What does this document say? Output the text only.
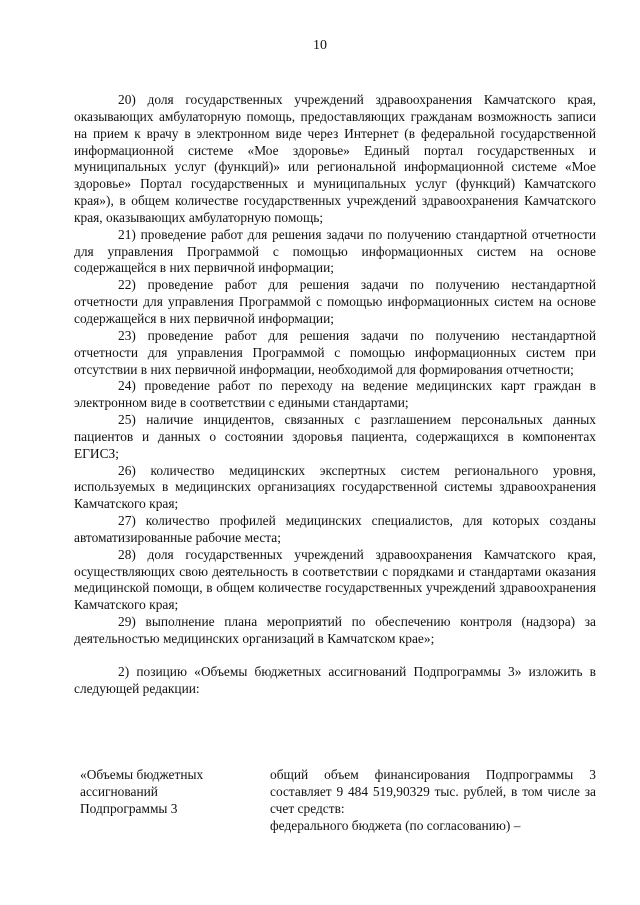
10

20) доля государственных учреждений здравоохранения Камчатского края, оказывающих амбулаторную помощь, предоставляющих гражданам возможность записи на прием к врачу в электронном виде через Интернет (в федеральной государственной информационной системе «Мое здоровье» Единый портал государственных и муниципальных услуг (функций)» или региональной информационной системе «Мое здоровье» Портал государственных и муниципальных услуг (функций) Камчатского края»), в общем количестве государственных учреждений здравоохранения Камчатского края, оказывающих амбулаторную помощь;

21) проведение работ для решения задачи по получению стандартной отчетности для управления Программой с помощью информационных систем на основе содержащейся в них первичной информации;

22) проведение работ для решения задачи по получению нестандартной отчетности для управления Программой с помощью информационных систем на основе содержащейся в них первичной информации;

23) проведение работ для решения задачи по получению нестандартной отчетности для управления Программой с помощью информационных систем при отсутствии в них первичной информации, необходимой для формирования отчетности;

24) проведение работ по переходу на ведение медицинских карт граждан в электронном виде в соответствии с едиными стандартами;

25) наличие инцидентов, связанных с разглашением персональных данных пациентов и данных о состоянии здоровья пациента, содержащихся в компонентах ЕГИСЗ;

26) количество медицинских экспертных систем регионального уровня, используемых в медицинских организациях государственной системы здравоохранения Камчатского края;

27) количество профилей медицинских специалистов, для которых созданы автоматизированные рабочие места;

28) доля государственных учреждений здравоохранения Камчатского края, осуществляющих свою деятельность в соответствии с порядками и стандартами оказания медицинской помощи, в общем количестве государственных учреждений здравоохранения Камчатского края;

29) выполнение плана мероприятий по обеспечению контроля (надзора) за деятельностью медицинских организаций в Камчатском крае»;

2) позицию «Объемы бюджетных ассигнований Подпрограммы 3» изложить в следующей редакции:

«Объемы бюджетных
ассигнований
Подпрограммы 3
общий объем финансирования Подпрограммы 3 составляет 9 484 519,90329 тыс. рублей, в том числе за счет средств:
федерального бюджета (по согласованию) –
